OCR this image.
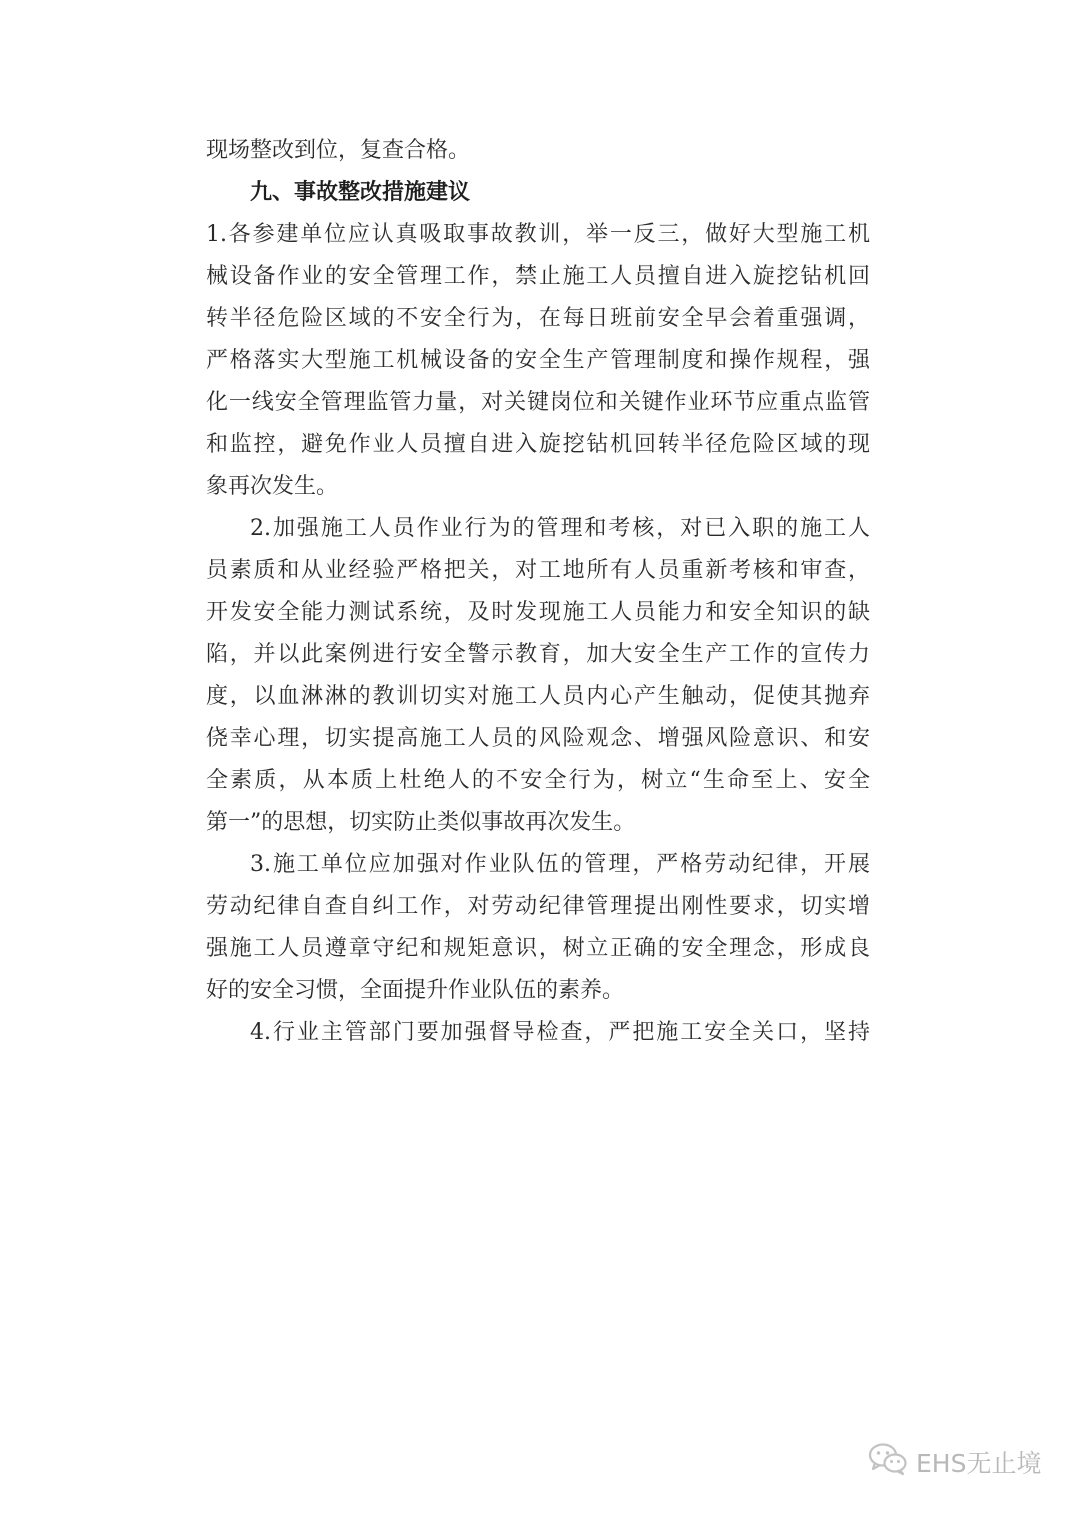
现场整改到位，复查合格。
九、事故整改措施建议
1.各参建单位应认真吸取事故教训，举一反三，做好大型施工机
械设备作业的安全管理工作，禁止施工人员擅自进入旋挖钻机回
转半径危险区域的不安全行为，在每日班前安全早会着重强调，
严格落实大型施工机械设备的安全生产管理制度和操作规程，强
化一线安全管理监管力量，对关键岗位和关键作业环节应重点监管
和监控，避免作业人员擅自进入旋挖钻机回转半径危险区域的现
象再次发生。
2.加强施工人员作业行为的管理和考核，对已入职的施工人
员素质和从业经验严格把关，对工地所有人员重新考核和审查，
开发安全能力测试系统，及时发现施工人员能力和安全知识的缺
陷，并以此案例进行安全警示教育，加大安全生产工作的宣传力
度，以血淋淋的教训切实对施工人员内心产生触动，促使其抛弃
侥幸心理，切实提高施工人员的风险观念、增强风险意识、和安
全素质，从本质上杜绝人的不安全行为，树立“生命至上、安全
第一”的思想，切实防止类似事故再次发生。
3.施工单位应加强对作业队伍的管理，严格劳动纪律，开展
劳动纪律自查自纠工作，对劳动纪律管理提出刚性要求，切实增
强施工人员遵章守纪和规矩意识，树立正确的安全理念，形成良
好的安全习惯，全面提升作业队伍的素养。
4.行业主管部门要加强督导检查，严把施工安全关口，坚持
EHS无止境
